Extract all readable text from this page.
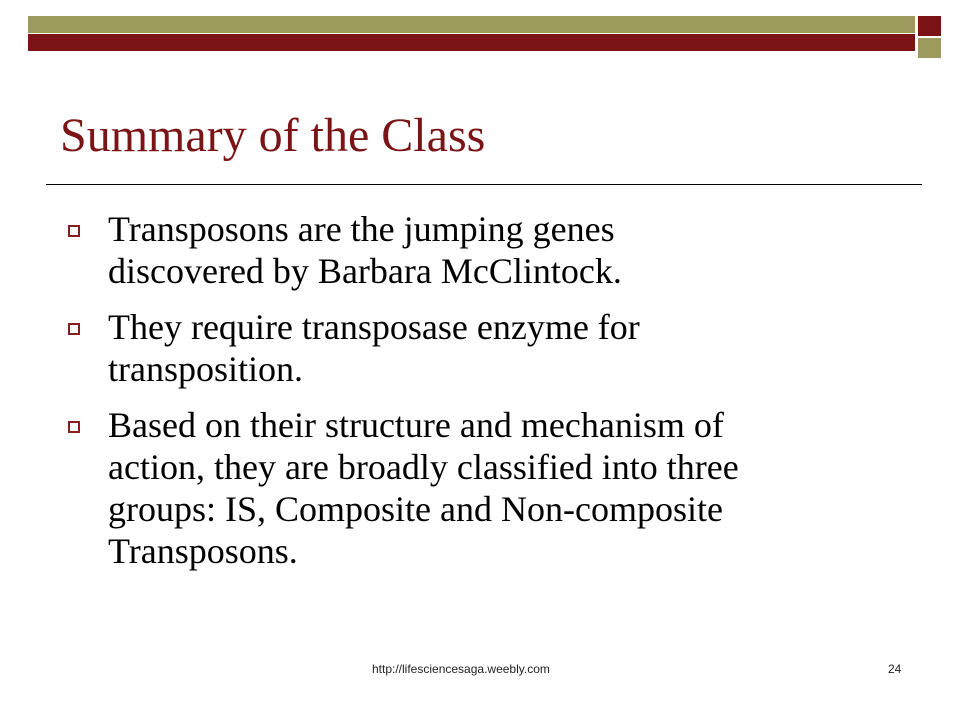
Summary of the Class
Transposons are the jumping genes
discovered by Barbara McClintock.
They require transposase enzyme for
transposition.
Based on their structure and mechanism of
action, they are broadly classified into three
groups: IS, Composite and Non-composite
Transposons.
http://lifesciencesaga.weebly.com	24
